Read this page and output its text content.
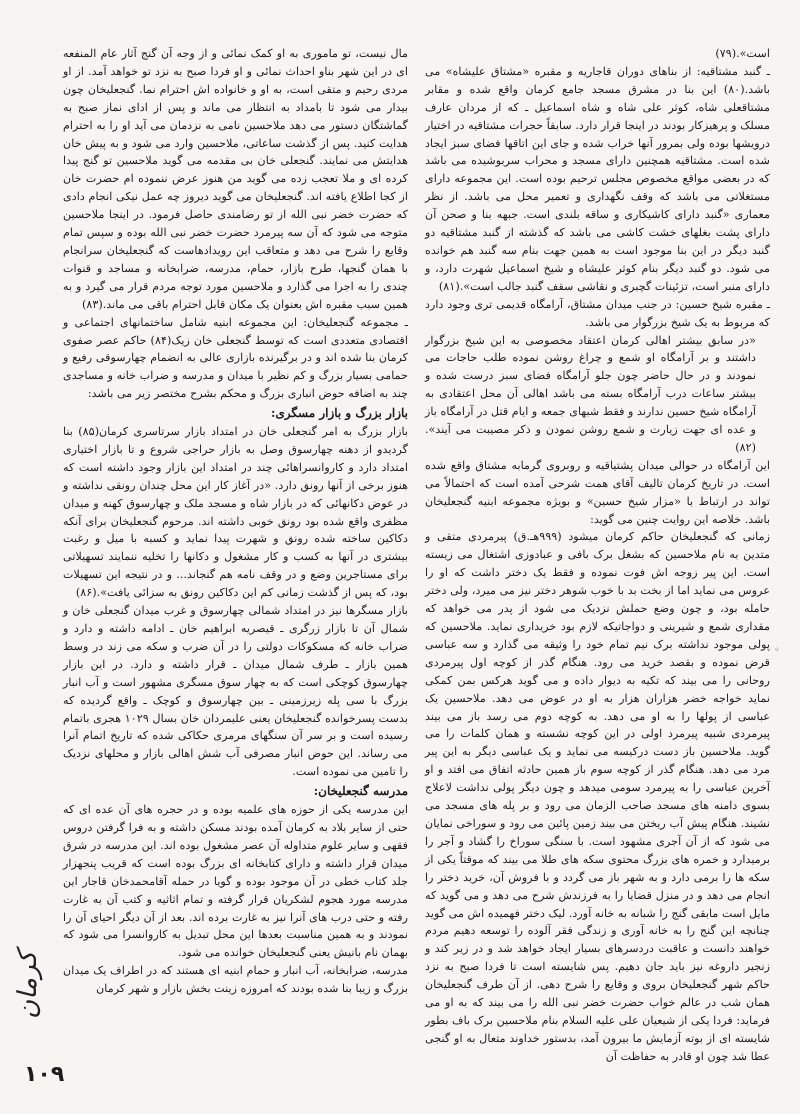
است».(۷۹)

ـ گنبد مشتاقیه: از بناهای دوران قاجاریه و مقبره «مشتاق علیشاه» می باشد.(۸۰) این بنا در مشرق مسجد جامع کرمان واقع شده و مقابر مشتاقعلی شاه، کوثر علی شاه و شاه اسماعیل ـ که از مردان عارف مسلک و پرهیزکار بودند در اینجا قرار دارد. سابقاً حجرات مشتاقیه در اختیار درویشها بوده ولی بمرور آنها خراب شده و جای این اتاقها فضای سبز ایجاد شده است. مشتاقیه همچنین دارای مسجد و محراب سربوشیده می باشد که در بعضی مواقع مخصوص مجلس ترحیم بوده است. این مجموعه دارای مستغلاتی می باشد که وقف نگهداری و تعمیر محل می باشد. از نظر معماری «گنبد دارای کاشیکاری و ساقه بلندی است. جبهه بنا و صحن آن دارای پشت بغلهای خشت کاشی می باشد که گذشته از گنبد مشتاقیه دو گنبد دیگر در این بنا موجود است به همین جهت بنام سه گنبد هم خوانده می شود. دو گنبد دیگر بنام کوثر علیشاه و شیخ اسماعیل شهرت دارد، و دارای منبر است، تزئینات گچبری و نقاشی سقف گنبد جالب است».(۸۱)

ـ مقبره شیخ حسین: در جنب میدان مشتاق، آرامگاه قدیمی تری وجود دارد که مربوط به یک شیخ بزرگوار می باشد.

«در سابق بیشتر اهالی کرمان اعتقاد مخصوصی به این شیخ بزرگوار داشتند و بر آرامگاه او شمع و چراغ روشن نموده طلب حاجات می نمودند و در حال حاضر چون جلو آرامگاه فضای سبز درست شده و بیشتر ساعات درب آرامگاه بسته می باشد اهالی آن محل اعتقادی به آرامگاه شیخ حسین ندارند و فقط شبهای جمعه و ایام قتل در آرامگاه باز و عده ای جهت زیارت و شمع روشن نمودن و ذکر مصیبت می آیند».(۸۲)

این آرامگاه در حوالی میدان پشتیاقیه و روبروی گرمابه مشتاق واقع شده است. در تاریخ کرمان تالیف آقای همت شرحی آمده است که احتمالاً می تواند در ارتباط با «مزار شیخ حسین» و بویژه مجموعه ابنیه گنجعلیخان باشد. خلاصه این روایت چنین می گوید:

زمانی که گنجعلیخان حاکم کرمان میشود (۹۹۹هـ.ق) پیرمردی متقی و متدین به نام ملاحسین که بشغل برک بافی و عبادوزی اشتغال می زیسته است. این پیر زوجه اش فوت نموده و فقط یک دختر داشت که او را عروس می نماید اما از بخت بد با خوب شوهر دختر نیز می میرد، ولی دختر حامله بود، و چون وضع حملش نزدیک می شود از پدر می خواهد که مقداری شمع و شیرینی و دواجاتیکه لازم بود خریداری نماید. ملاحسین که پولی موجود نداشته برک نیم تمام خود را وثیقه می گذارد و سه عباسی قرض نموده و بقصد خرید می رود. هنگام گذر از کوچه اول پیرمردی روحانی را می بیند که تکیه به دیوار داده و می گوید هرکس بمن کمکی نماید خواجه خضر هزاران هزار به او در عوض می دهد. ملاحسین یک عباسی از پولها را به او می دهد. به کوچه دوم می رسد باز می بیند پیرمردی شبیه پیرمرد اولی در این کوچه نشسته و همان کلمات را می گوید. ملاحسین باز دست درکیسه می نماید و یک عباسی دیگر به این پیر مرد می دهد. هنگام گذر از کوچه سوم باز همین حادثه اتفاق می افتد و او آخرین عباسی را به پیرمرد سومی میدهد و چون دیگر پولی نداشت لاعلاج بسوی دامنه های مسجد صاحب الزمان می رود و بر پله های مسجد می نشیند. هنگام پیش آب ریختن می بیند زمین پائین می رود و سوراخی نمایان می شود که از آن آجری مشهود است. با سنگی سوراخ را گشاد و آجر را برمیدارد و خمره های بزرگ محتوی سکه های طلا می بیند که موقتاً یکی از سکه ها را برمی دارد و به شهر باز می گردد و با فروش آن، خرید دختر را انجام می دهد و در منزل قضایا را به فرزندش شرح می دهد و می گوید که مایل است مابقی گنج را شبانه به خانه آورد. لیک دختر فهمیده اش می گوید چنانچه این گنج را به خانه آوری و زندگی فقر آلوده را توسعه دهیم مردم خواهند دانست و عاقبت دردسرهای بسیار ایجاد خواهد شد و در زیر کند و زنجیر داروغه نیز باید جان دهیم. پس شایسته است تا فردا صبح به نزد حاکم شهر گنجعلیخان بروی و وقایع را شرح دهی. از آن طرف گنجعلیخان همان شب در عالم خواب حضرت خضر نبی الله را می بیند که به او می فرماید: فردا یکی از شیعیان علی علیه السلام بنام ملاحسین برک باف بطور شایسته ای از بوته آزمایش ما بیرون آمد، بدستور خداوند متعال به او گنجی عطا شد چون او قادر به حفاظت آن

مال نیست، تو ماموری به او کمک نمائی و از وجه آن گنج آثار عام المنفعه ای در این شهر بناو احداث نمائی و او فردا صبح به نزد تو خواهد آمد. از او مردی رحیم و متقی است، به او و خانواده اش احترام نما. گنجعلیخان چون بیدار می شود تا بامداد به انتظار می ماند و پس از ادای نماز صبح به گماشتگان دستور می دهد ملاحسین نامی به نزدمان می آید او را به احترام هدایت کنید. پس از گذشت ساعاتی، ملاحسین وارد می شود و به پیش خان هدایتش می نمایند. گنجعلی خان بی مقدمه می گوید ملاحسین تو گنج پیدا کرده ای و ملا تعجب زده می گوید من هنوز عرض ننموده ام حضرت خان از کجا اطلاع یافته اند. گنجعلیخان می گوید دیروز چه عمل نیکی انجام دادی که حضرت خضر نبی الله از تو رضامندی حاصل فرمود. در اینجا ملاحسین متوجه می شود که آن سه پیرمرد حضرت خضر نبی الله بوده و سپس تمام وقایع را شرح می دهد و متعاقب این رویدادهاست که گنجعلیخان سرانجام با همان گنجها، طرح بازار، حمام، مدرسه، ضرابخانه و مساجد و قنوات چندی را به اجرا می گذارد و ملاحسین مورد توجه مردم قرار می گیرد و به همین سبب مقبره اش بعنوان یک مکان قابل احترام باقی می ماند.(۸۳)

ـ مجموعه گنجعلیخان: این مجموعه ابنیه شامل ساختمانهای اجتماعی و اقتصادی متعددی است که توسط گنجعلی خان زیک(۸۴) حاکم عصر صفوی کرمان بنا شده اند و در برگیرنده بازاری عالی به انضمام چهارسوقی رفیع و حمامی بسیار بزرگ و کم نظیر با میدان و مدرسه و ضراب خانه و مساجدی چند به اضافه حوض انباری بزرگ و محکم بشرح مختصر زیر می باشد:

بازار بزرگ و بازار مسگری:

بازار بزرگ به امر گنجعلی خان در امتداد بازار سرتاسری کرمان(۸۵) بنا گردیدو از دهنه چهارسوق وصل به بازار حراجی شروع و تا بازار اختیاری امتداد دارد و کاروانسراهائی چند در امتداد این بازار وجود داشته است که هنوز برخی از آنها رونق دارد. «در آغاز کار این محل چندان رونقی نداشته و در عوض دکانهائی که در بازار شاه و مسجد ملک و چهارسوق کهنه و میدان مظفری واقع شده بود رونق خوبی داشته اند. مرحوم گنجعلیخان برای آنکه دکاکین ساخته شده رونق و شهرت پیدا نماید و کسبه با میل و رغبت بیشتری در آنها به کسب و کار مشغول و دکانها را تخلیه ننمایند تسهیلاتی برای مستاجرین وضع و در وقف نامه هم گنجاند... و در نتیجه این تسهیلات بود، که پس از گذشت زمانی کم این دکاکین رونق به سزائی یافت».(۸۶)

بازار مسگرها نیز در امتداد شمالی چهارسوق و غرب میدان گنجعلی خان و شمال آن تا بازار زرگری ـ قیصریه ابراهیم خان ـ ادامه داشته و دارد و ضراب خانه که مسکوکات دولتی را در آن ضرب و سکه می زند در وسط همین بازار ـ طرف شمال میدان ـ قرار داشته و دارد. در این بازار چهارسوق کوچکی است که به چهار سوق مسگری مشهور است و آب انبار بزرگ با سی پله زیرزمینی ـ بین چهارسوق و کوچک ـ واقع گردیده که بدست پسرخوانده گنجعلیخان یعنی علیمردان خان بسال ۱۰۲۹ هجری باتمام رسیده است و بر سر آن سنگهای مرمری حکاکی شده که تاریخ اتمام آنرا می رساند. این حوض انبار مصرفی آب شش اهالی بازار و محلهای نزدیک را تامین می نموده است.

مدرسه گنجعلیخان:

این مدرسه یکی از حوزه های علمیه بوده و در حجره های آن عده ای که حتی از سایر بلاد به کرمان آمده بودند مسکن داشته و به فرا گرفتن دروس فقهی و سایر علوم متداوله آن عصر مشغول بوده اند. این مدرسه در شرق میدان قرار داشته و دارای کتابخانه ای بزرگ بوده است که قریب پنجهزار جلد کتاب خطی در آن موجود بوده و گویا در حمله آقامحمدخان قاجار این مدرسه مورد هجوم لشکریان قرار گرفته و تمام اثاثیه و کتب آن به غارت رفته و حتی درب های آنرا نیز به غارت برده اند. بعد از آن دیگر احیای آن را نمودند و به همین مناسبت بعدها این محل تبدیل به کاروانسرا می شود که بهمان نام بانیش یعنی گنجعلیخان خوانده می شود.

مدرسه، ضرابخانه، آب انبار و حمام ابنیه ای هستند که در اطراف یک میدان بزرگ و زیبا بنا شده بودند که امروزه زینت بخش بازار و شهر کرمان

کرمان
۱۰۹
◦
